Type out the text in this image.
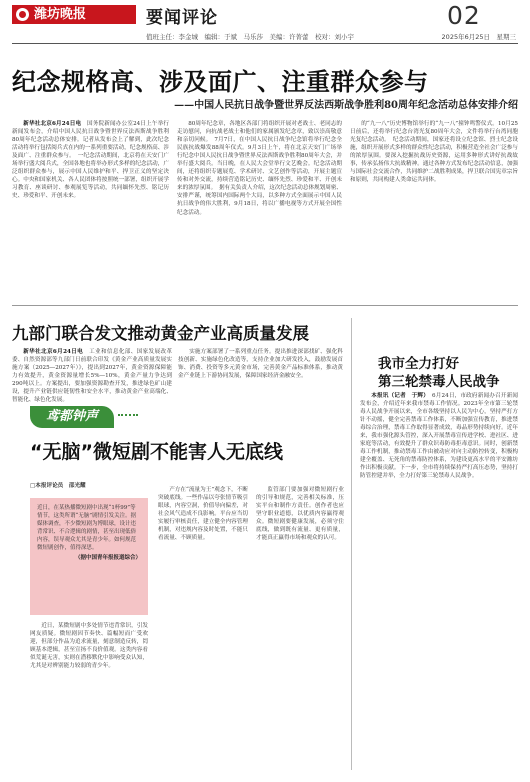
潍坊晚报	要闻评论	02
值班主任：李金城　编辑：于斌　马乐莎　美编：许菁蕾　校对：刘小宇	2025年6月25日　星期三
纪念规格高、涉及面广、注重群众参与
——中国人民抗日战争暨世界反法西斯战争胜利80周年纪念活动总体安排介绍

新华社北京6月24日电　 国务院新闻办公室24日上午举行新闻发布会，介绍中国人民抗日战争暨世界反法西斯战争胜利80周年纪念活动总体安排。记者从发布会上了解到，此次纪念活动将举行包括阅兵式在内的一系列重要活动，纪念规格高、涉及面广、注重群众参与。　一纪念活动期间，北京将在天安门广场举行盛大阅兵式，全国各地也将举办形式多样的纪念活动，广泛组织群众参与，展示中国人民维护和平、捍卫正义的坚定决心。中央和国家机关、各人民团体将按照统一部署，组织开展学习教育、座谈研讨、参观展览等活动，共同缅怀先烈、铭记历史、珍爱和平、开创未来。

80周年纪念章，各地区各部门将组织开展对老战士、老同志的走访慰问，向抗战老战士和他们的家属颁发纪念章，致以崇高敬意和亲切问候。　7月7日，在中国人民抗日战争纪念馆将举行纪念全民族抗战爆发88周年仪式。9月3日上午，将在北京天安门广场举行纪念中国人民抗日战争暨世界反法西斯战争胜利80周年大会，并举行盛大阅兵。当日晚，在人民大会堂举行文艺晚会。纪念活动期间，还将组织专题展览、学术研讨、文艺创作等活动，开展主题宣传和对外交流，持续营造铭记历史、缅怀先烈、珍爱和平、开创未来的浓厚氛围。　据有关负责人介绍，这次纪念活动总体规划周密、安排严谨，统筹国内国际两个大局，以多种方式全面展示中国人民抗日战争的伟大胜利，9月18日，将以广播电视等方式开展全国性纪念活动。

的“九一八”历史博物馆举行的“九一八”撞钟鸣警仪式。10月25日前后，还将举行纪念台湾光复80周年大会，文件将举行台湾同胞光复纪念活动。　纪念活动期间，国家还将设立纪念馆、烈士纪念设施，组织开展形式多样的群众性纪念活动，积极营造全社会广泛参与的浓厚氛围。要深入挖掘抗战历史资源，运用多种形式讲好抗战故事，传承弘扬伟大抗战精神。通过各种方式发布纪念活动信息，加强与国际社会交流合作，共同维护二战胜利成果，捍卫联合国宪章宗旨和原则，共同构建人类命运共同体。

九部门联合发文推动黄金产业高质量发展

新华社北京6月24日电　 工业和信息化部、国家发展改革委、自然资源部等九部门日前联合印发《黄金产业高质量发展实施方案（2025—2027年）》，提出到2027年，黄金资源保障能力有效提升，黄金资源量增长5%—10%，黄金产量力争达到290吨以上。方案提出，要加强资源勘查开发，推进绿色矿山建设，提升产业链供应链韧性和安全水平，推动黄金产业高端化、智能化、绿色化发展。

实施方案部署了一系列重点任务。提出推进深部找矿、强化科技创新、实施绿色化改造等，支持企业加大研发投入，鼓励发展首饰、消费、投资等多元黄金市场，完善黄金产品标准体系，推动黄金产业链上下游协同发展，保障国家经济金融安全。

鸢都钟声
“无脑”微短剧不能害人无底线
□本报评论员　邵光耀
近日，在某热播微短剧中出现“1杯99”等情节，这类所谓“无脑”剧情引发关注。据媒体调查，不少微短剧为博眼球，设计违背常识、不合逻辑的剧情，甚至出现低俗内容，误导观众尤其是青少年。如何规范微短剧创作，值得深思。
（据中国青年报报道综合）

近日，某微短剧中多处情节违背常识，引发网友质疑。微短剧因节奏快、篇幅短而广受欢迎，但部分作品为追求流量，刻意制造反转，罔顾基本逻辑，甚至宣扬不良价值观。这类内容看似荒诞无害，实则在潜移默化中影响受众认知，尤其是对辨别能力较弱的青少年。

产方在“流量为王”观念下，不断突破底线。一些作品以夸张情节吸引眼球，内容空洞，价值导向偏差，对社会风气造成不良影响。平台应当切实履行审核责任，建立健全内容管理机制，对违规内容及时处置，不能只看流量、不顾质量。

监管部门要加强对微短剧行业的引导和规范，完善相关标准，压实平台和制作方责任。创作者也应坚守职业道德，以优质内容赢得观众。微短剧要健康发展，必须守住底线，做到既有流量、更有质量，才能真正赢得市场和观众的认可。

我市全力打好
第三轮禁毒人民战争

本报讯（记者　于辉）　 6月24日，市政府新闻办召开新闻发布会，介绍近年来我市禁毒工作情况。2023年全市第三轮禁毒人民战争开展以来，全市各级坚持以人民为中心，坚持严打方针不动摇，健全完善禁毒工作体系，不断加强宣传教育，推进禁毒综合治理，禁毒工作取得显著成效，毒品形势持续向好。近年来，我市强化源头管控，深入开展禁毒宣传进学校、进社区、进家庭等活动，有效提升了群众识毒防毒拒毒意识。同时，创新禁毒工作机制，推动禁毒工作由被动应对向主动防控转变，积极构建全覆盖、无死角的禁毒防控体系，为建设更高水平的平安潍坊作出积极贡献。下一步，全市将持续保持严打高压态势，坚持打防管控建并举，全力打好第三轮禁毒人民战争。
